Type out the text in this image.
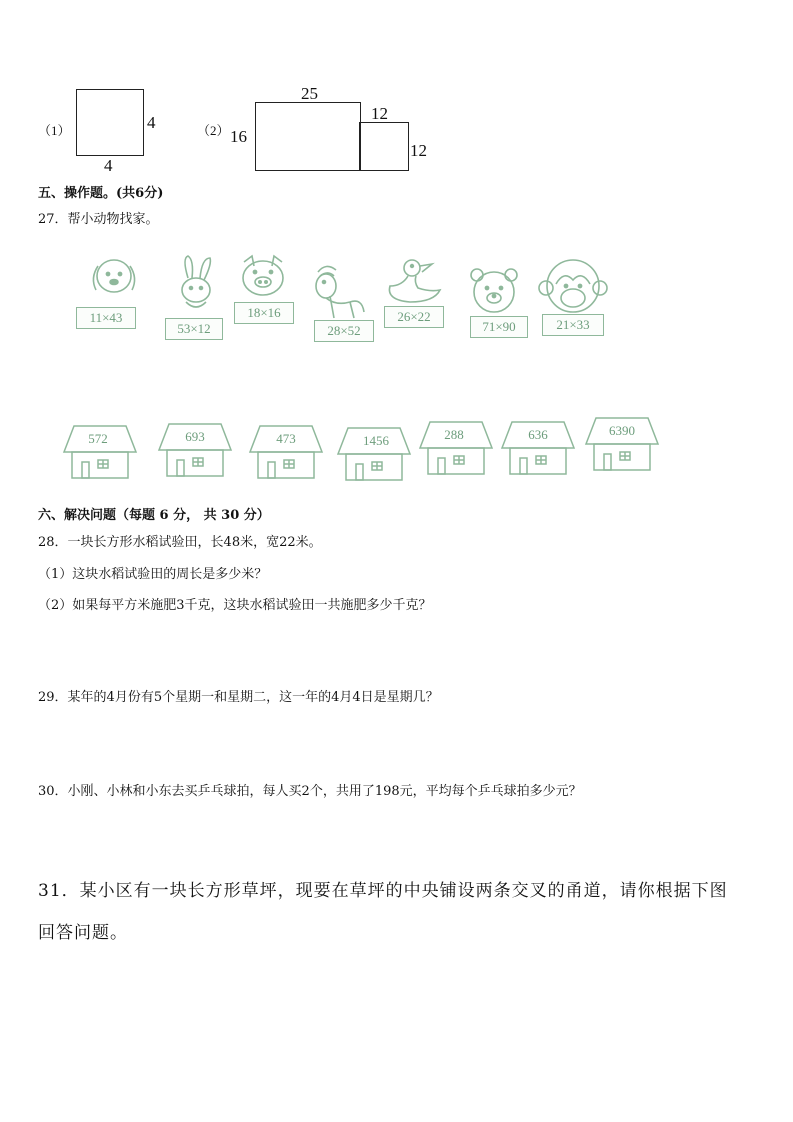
（1）	4
4
（2）
25
16
12
12
五、操作题。(共6分)
27．帮小动物找家。
11×43
53×12
18×16
28×52
26×22
71×90	21×33
572	693	473	1456	288	636	6390
六、解决问题（每题 6 分， 共 30 分）
28．一块长方形水稻试验田，长48米，宽22米。
（1）这块水稻试验田的周长是多少米？
（2）如果每平方米施肥3千克，这块水稻试验田一共施肥多少千克？
29．某年的4月份有5个星期一和星期二，这一年的4月4日是星期几？
30．小刚、小林和小东去买乒乓球拍，每人买2个，共用了198元，平均每个乒乓球拍多少元？
31．某小区有一块长方形草坪，现要在草坪的中央铺设两条交叉的甬道，请你根据下图
回答问题。
